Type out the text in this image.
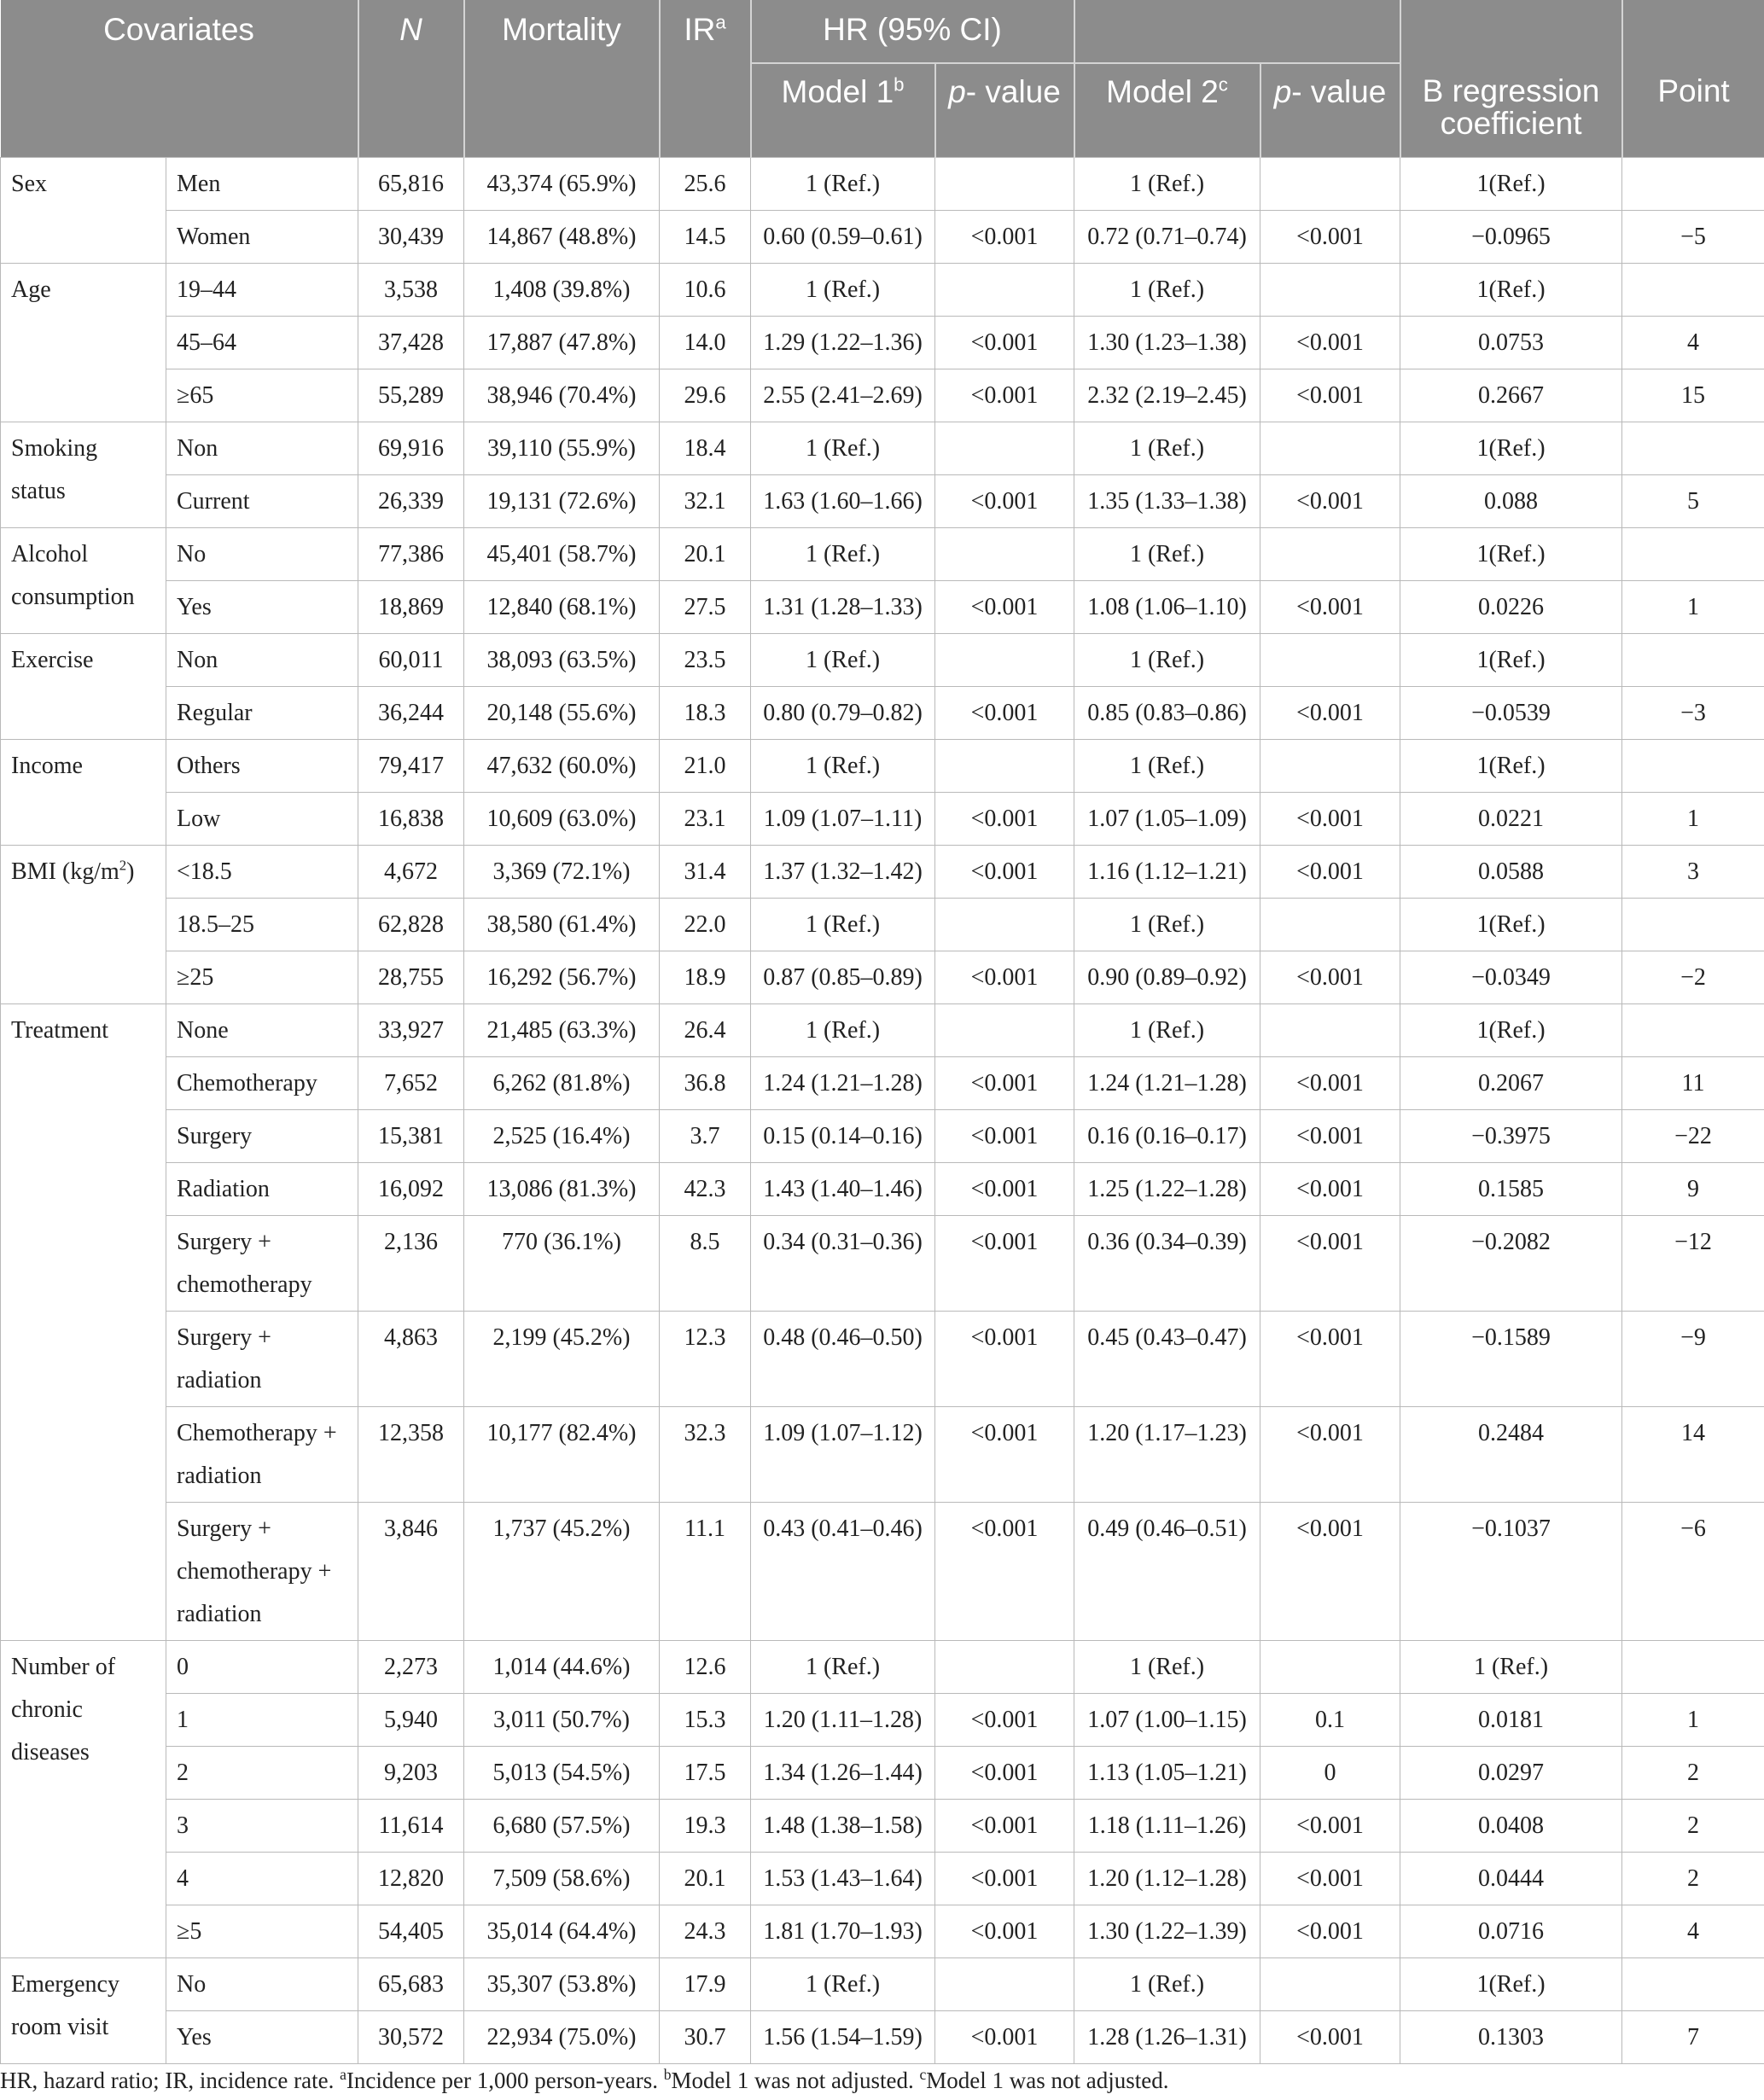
Covariates		N	Mortality	$IR^a$	HR (95% CI)					
					Model 1$^b$	p- value	Model 2$^c$	p- value	B regression coefficient	Point
Sex	Men	65,816	43,374 (65.9%)	25.6	1 (Ref.)		1 (Ref.)		1(Ref.)	
	Women	30,439	14,867 (48.8%)	14.5	0.60 (0.59–0.61)	<0.001	0.72 (0.71–0.74)	<0.001	−0.0965	−5
Age	19–44	3,538	1,408 (39.8%)	10.6	1 (Ref.)		1 (Ref.)		1(Ref.)	
	45–64	37,428	17,887 (47.8%)	14.0	1.29 (1.22–1.36)	<0.001	1.30 (1.23–1.38)	<0.001	0.0753	4
	≥65	55,289	38,946 (70.4%)	29.6	2.55 (2.41–2.69)	<0.001	2.32 (2.19–2.45)	<0.001	0.2667	15
Smoking status	Non	69,916	39,110 (55.9%)	18.4	1 (Ref.)		1 (Ref.)		1(Ref.)	
	Current	26,339	19,131 (72.6%)	32.1	1.63 (1.60–1.66)	<0.001	1.35 (1.33–1.38)	<0.001	0.088	5
Alcohol consumption	No	77,386	45,401 (58.7%)	20.1	1 (Ref.)		1 (Ref.)		1(Ref.)	
	Yes	18,869	12,840 (68.1%)	27.5	1.31 (1.28–1.33)	<0.001	1.08 (1.06–1.10)	<0.001	0.0226	1
Exercise	Non	60,011	38,093 (63.5%)	23.5	1 (Ref.)		1 (Ref.)		1(Ref.)	
	Regular	36,244	20,148 (55.6%)	18.3	0.80 (0.79–0.82)	<0.001	0.85 (0.83–0.86)	<0.001	−0.0539	−3
Income	Others	79,417	47,632 (60.0%)	21.0	1 (Ref.)		1 (Ref.)		1(Ref.)	
	Low	16,838	10,609 (63.0%)	23.1	1.09 (1.07–1.11)	<0.001	1.07 (1.05–1.09)	<0.001	0.0221	1
BMI $(kg/m^2)$	<18.5	4,672	3,369 (72.1%)	31.4	1.37 (1.32–1.42)	<0.001	1.16 (1.12–1.21)	<0.001	0.0588	3
	18.5–25	62,828	38,580 (61.4%)	22.0	1 (Ref.)		1 (Ref.)		1(Ref.)	
	≥25	28,755	16,292 (56.7%)	18.9	0.87 (0.85–0.89)	<0.001	0.90 (0.89–0.92)	<0.001	−0.0349	−2
Treatment	None	33,927	21,485 (63.3%)	26.4	1 (Ref.)		1 (Ref.)		1(Ref.)	
	Chemotherapy	7,652	6,262 (81.8%)	36.8	1.24 (1.21–1.28)	<0.001	1.24 (1.21–1.28)	<0.001	0.2067	11
	Surgery	15,381	2,525 (16.4%)	3.7	0.15 (0.14–0.16)	<0.001	0.16 (0.16–0.17)	<0.001	−0.3975	−22
	Radiation	16,092	13,086 (81.3%)	42.3	1.43 (1.40–1.46)	<0.001	1.25 (1.22–1.28)	<0.001	0.1585	9
	Surgery + chemotherapy	2,136	770 (36.1%)	8.5	0.34 (0.31–0.36)	<0.001	0.36 (0.34–0.39)	<0.001	−0.2082	−12
	Surgery + radiation	4,863	2,199 (45.2%)	12.3	0.48 (0.46–0.50)	<0.001	0.45 (0.43–0.47)	<0.001	−0.1589	−9
	Chemotherapy + radiation	12,358	10,177 (82.4%)	32.3	1.09 (1.07–1.12)	<0.001	1.20 (1.17–1.23)	<0.001	0.2484	14
	Surgery + chemotherapy + radiation	3,846	1,737 (45.2%)	11.1	0.43 (0.41–0.46)	<0.001	0.49 (0.46–0.51)	<0.001	−0.1037	−6
Number of chronic diseases	0	2,273	1,014 (44.6%)	12.6	1 (Ref.)		1 (Ref.)		1 (Ref.)	
	1	5,940	3,011 (50.7%)	15.3	1.20 (1.11–1.28)	<0.001	1.07 (1.00–1.15)	0.1	0.0181	1
	2	9,203	5,013 (54.5%)	17.5	1.34 (1.26–1.44)	<0.001	1.13 (1.05–1.21)	0	0.0297	2
	3	11,614	6,680 (57.5%)	19.3	1.48 (1.38–1.58)	<0.001	1.18 (1.11–1.26)	<0.001	0.0408	2
	4	12,820	7,509 (58.6%)	20.1	1.53 (1.43–1.64)	<0.001	1.20 (1.12–1.28)	<0.001	0.0444	2
	≥5	54,405	35,014 (64.4%)	24.3	1.81 (1.70–1.93)	<0.001	1.30 (1.22–1.39)	<0.001	0.0716	4
Emergency room visit	No	65,683	35,307 (53.8%)	17.9	1 (Ref.)		1 (Ref.)		1(Ref.)	
	Yes	30,572	22,934 (75.0%)	30.7	1.56 (1.54–1.59)	<0.001	1.28 (1.26–1.31)	<0.001	0.1303	7
HR, hazard ratio; IR, incidence rate. $^a$Incidence per 1,000 person-years. $^b$Model 1 was not adjusted. $^c$Model 1 was not adjusted.
